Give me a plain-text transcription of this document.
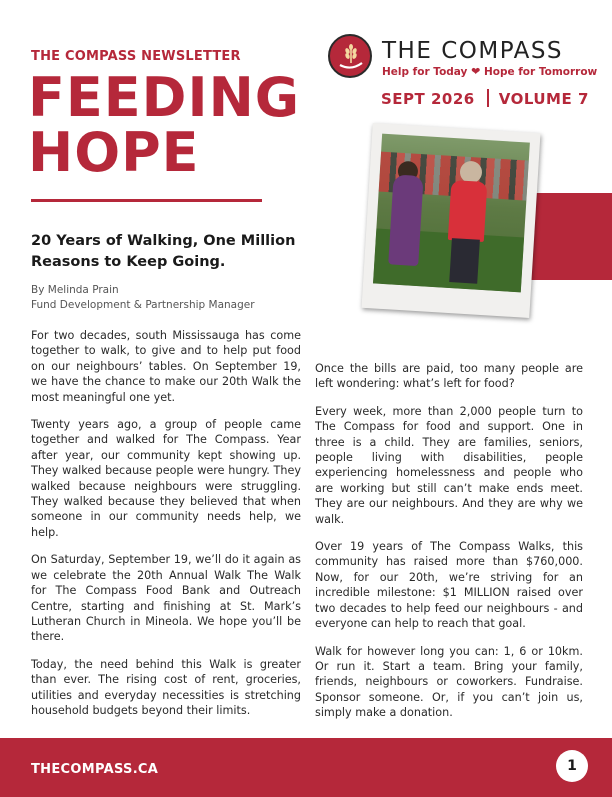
THE COMPASS NEWSLETTER
FEEDING
HOPE
THE COMPASS
Help for Today ❤ Hope for Tomorrow
SEPT 2026 VOLUME 7
20 Years of Walking, One Million Reasons to Keep Going.
By Melinda Prain
Fund Development & Partnership Manager

For two decades, south Mississauga has come together to walk, to give and to help put food on our neighbours’ tables. On September 19, we have the chance to make our 20th Walk the most meaningful one yet.

Twenty years ago, a group of people came together and walked for The Compass. Year after year, our community kept showing up. They walked because people were hungry. They walked because neighbours were struggling. They walked because they believed that when someone in our community needs help, we help.

On Saturday, September 19, we’ll do it again as we celebrate the 20th Annual Walk The Walk for The Compass Food Bank and Outreach Centre, starting and finishing at St. Mark’s Lutheran Church in Mineola. We hope you’ll be there.

Today, the need behind this Walk is greater than ever. The rising cost of rent, groceries, utilities and everyday necessities is stretching household budgets beyond their limits.

Once the bills are paid, too many people are left wondering: what’s left for food?

Every week, more than 2,000 people turn to The Compass for food and support. One in three is a child. They are families, seniors, people living with disabilities, people experiencing homelessness and people who are working but still can’t make ends meet. They are our neighbours. And they are why we walk.

Over 19 years of The Compass Walks, this community has raised more than $760,000. Now, for our 20th, we’re striving for an incredible milestone: $1 MILLION raised over two decades to help feed our neighbours - and everyone can help to reach that goal.

Walk for however long you can: 1, 6 or 10km. Or run it. Start a team. Bring your family, friends, neighbours or coworkers. Fundraise. Sponsor someone. Or, if you can’t join us, simply make a donation.

THECOMPASS.CA	1
